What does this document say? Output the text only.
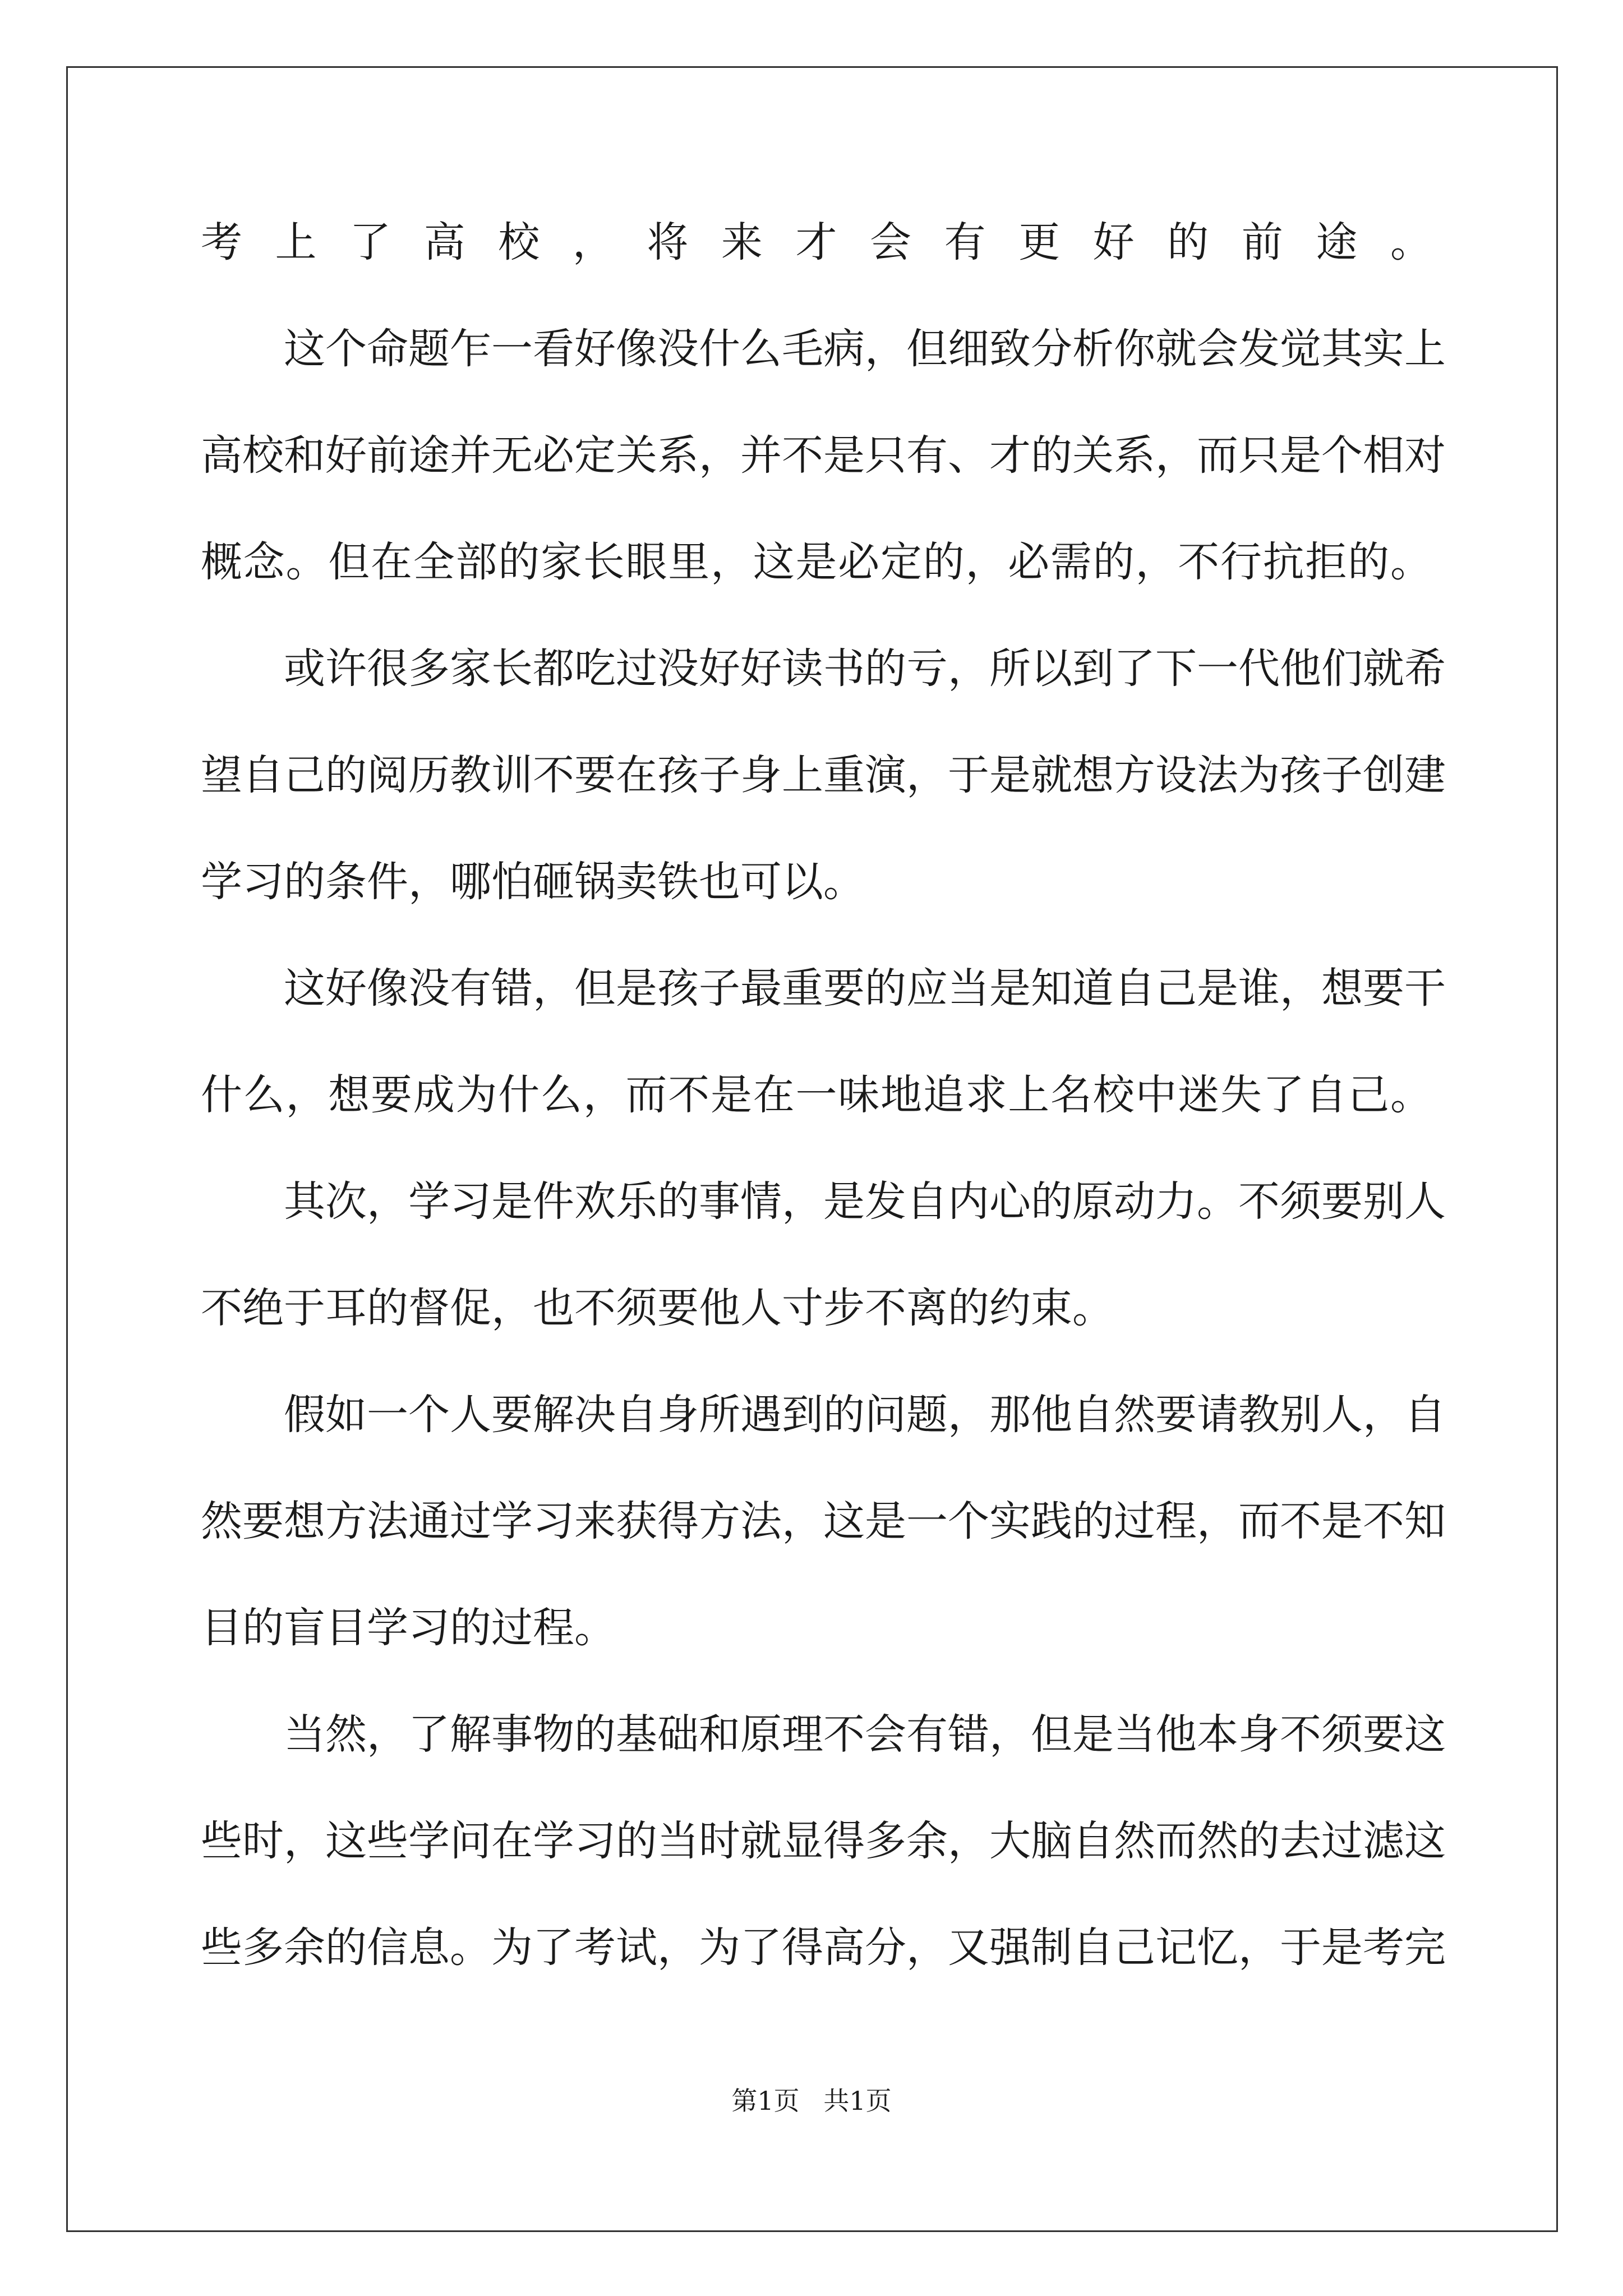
考上了高校，将来才会有更好的前途。
这个命题乍一看好像没什么毛病，但细致分析你就会发觉其实上
高校和好前途并无必定关系，并不是只有、才的关系，而只是个相对
概念。但在全部的家长眼里，这是必定的，必需的，不行抗拒的。
或许很多家长都吃过没好好读书的亏，所以到了下一代他们就希
望自己的阅历教训不要在孩子身上重演，于是就想方设法为孩子创建
学习的条件，哪怕砸锅卖铁也可以。
这好像没有错，但是孩子最重要的应当是知道自己是谁，想要干
什么，想要成为什么，而不是在一味地追求上名校中迷失了自己。
其次，学习是件欢乐的事情，是发自内心的原动力。不须要别人
不绝于耳的督促，也不须要他人寸步不离的约束。
假如一个人要解决自身所遇到的问题，那他自然要请教别人，自
然要想方法通过学习来获得方法，这是一个实践的过程，而不是不知
目的盲目学习的过程。
当然，了解事物的基础和原理不会有错，但是当他本身不须要这
些时，这些学问在学习的当时就显得多余，大脑自然而然的去过滤这
些多余的信息。为了考试，为了得高分，又强制自己记忆，于是考完
第1页 共1页
